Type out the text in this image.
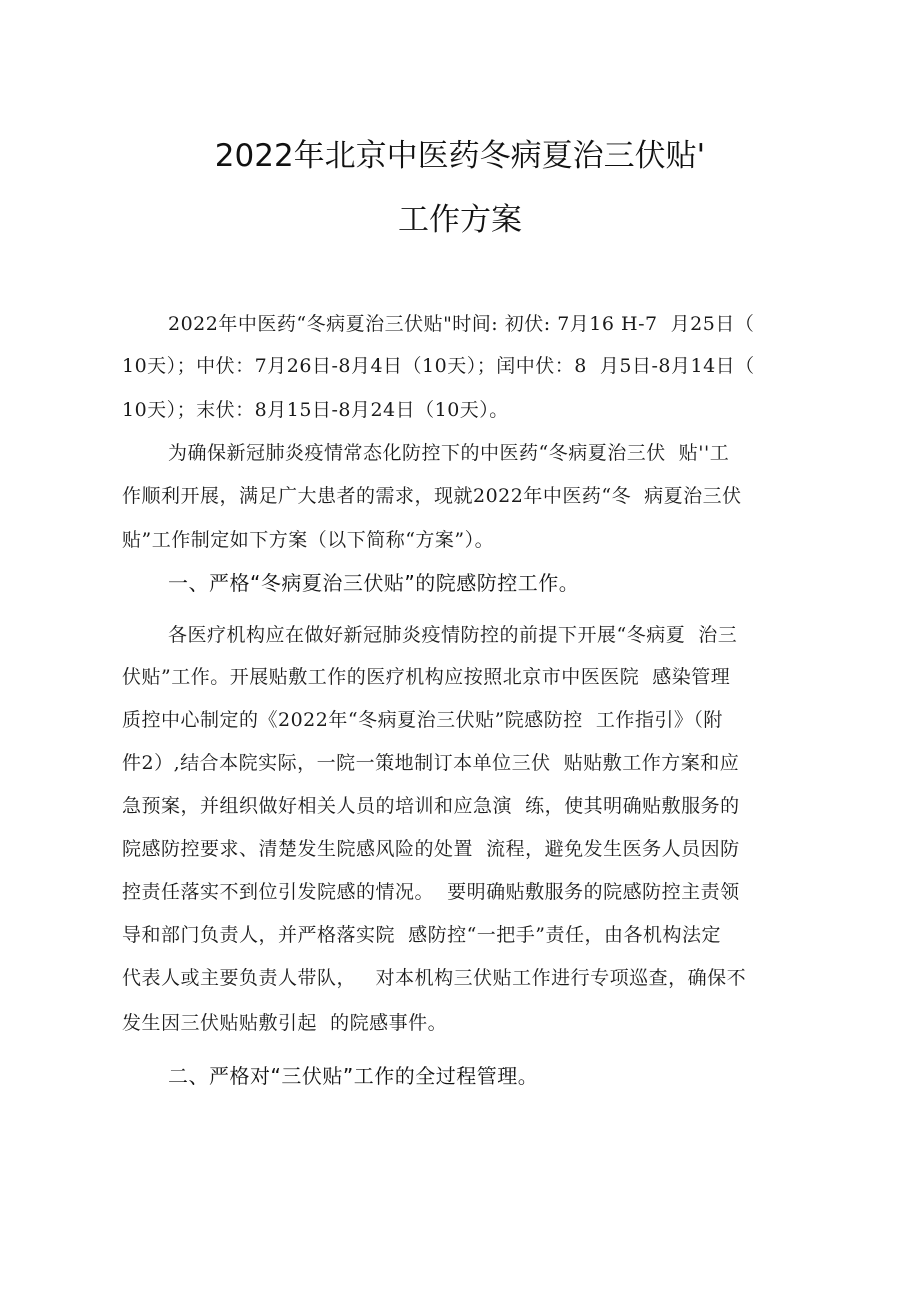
2022年北京中医药冬病夏治三伏贴'
工作方案
2022年中医药“冬病夏治三伏贴"时间: 初伏: 7月16 H-7  月25日（
10天）；中伏：7月26日-8月4日（10天）；闰中伏：8  月5日-8月14日（
10天）；末伏：8月15日-8月24日（10天）。
为确保新冠肺炎疫情常态化防控下的中医药“冬病夏治三伏  贴''工
作顺利开展，满足广大患者的需求，现就2022年中医药“冬  病夏治三伏
贴”工作制定如下方案（以下简称“方案”）。
一、严格“冬病夏治三伏贴”的院感防控工作。
各医疗机构应在做好新冠肺炎疫情防控的前提下开展“冬病夏  治三
伏贴”工作。开展贴敷工作的医疗机构应按照北京市中医医院  感染管理
质控中心制定的《2022年“冬病夏治三伏贴”院感防控  工作指引》（附
件2）,结合本院实际，一院一策地制订本单位三伏  贴贴敷工作方案和应
急预案，并组织做好相关人员的培训和应急演  练，使其明确贴敷服务的
院感防控要求、清楚发生院感风险的处置  流程，避免发生医务人员因防
控责任落实不到位引发院感的情况。  要明确贴敷服务的院感防控主责领
导和部门负责人，并严格落实院  感防控“一把手”责任，由各机构法定
代表人或主要负责人带队，   对本机构三伏贴工作进行专项巡查，确保不
发生因三伏贴贴敷引起  的院感事件。
二、严格对“三伏贴”工作的全过程管理。
